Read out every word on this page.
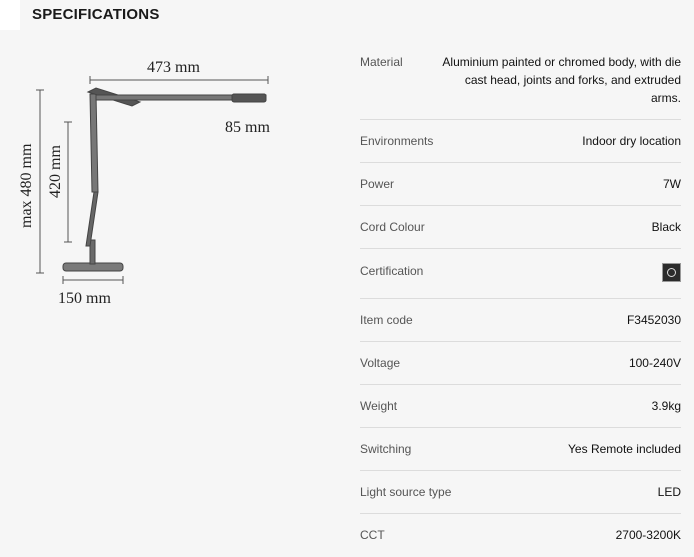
SPECIFICATIONS
473 mm
max 480 mm 420 mm
85 mm
150 mm
Material	Aluminium painted or chromed body, with die cast head, joints and forks, and extruded arms.
Environments	Indoor dry location
Power	7W
Cord Colour	Black
Certification
Item code	F3452030
Voltage	100-240V
Weight	3.9kg
Switching	Yes Remote included
Light source type	LED
CCT	2700-3200K
